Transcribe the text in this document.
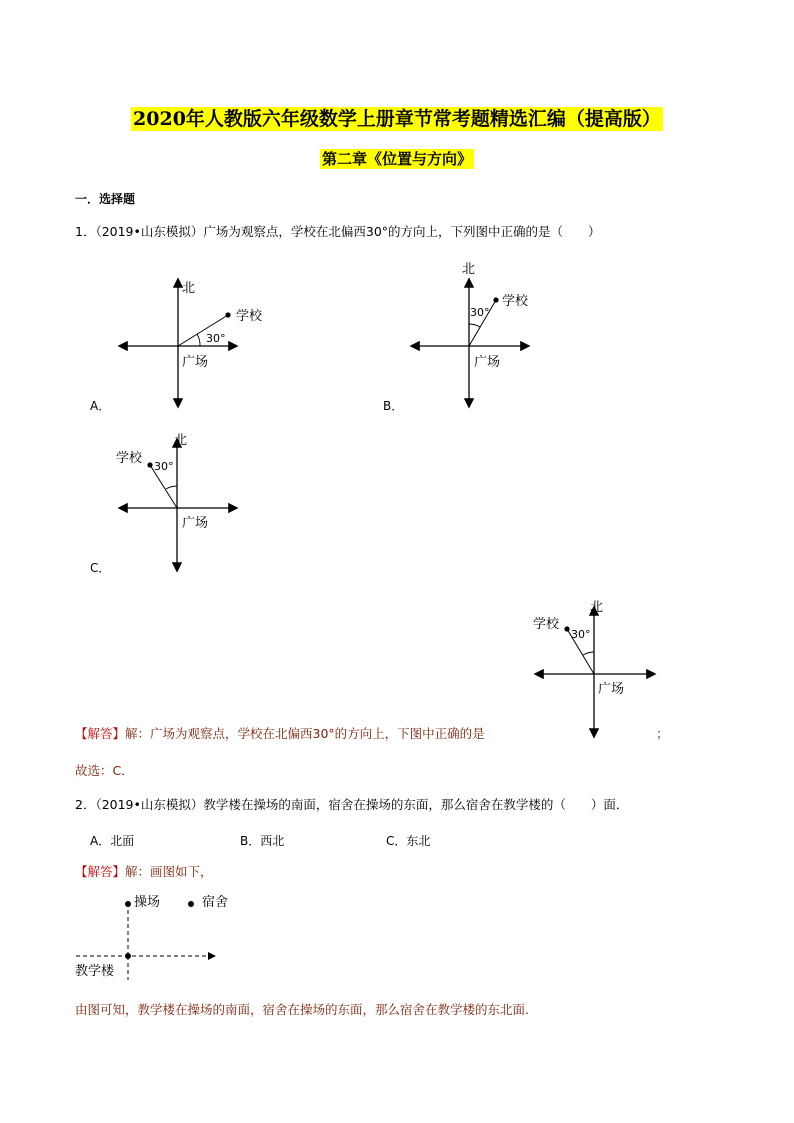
2020年人教版六年级数学上册章节常考题精选汇编（提高版）
第二章《位置与方向》
一．选择题
1．（2019•山东模拟）广场为观察点，学校在北偏西30°的方向上，下列图中正确的是（　　）
北
学校
30°
广场
A．
北
学校
30°
广场
B．
北
学校
30°
广场
C．
北
学校
30°
广场
【解答】解：广场为观察点，学校在北偏西30°的方向上，下图中正确的是	；
故选：C．
2．（2019•山东模拟）教学楼在操场的南面，宿舍在操场的东面，那么宿舍在教学楼的（　　）面．
A．北面	B．西北	C．东北
【解答】解：画图如下，
操场	宿舍
教学楼
由图可知，教学楼在操场的南面，宿舍在操场的东面，那么宿舍在教学楼的东北面．
